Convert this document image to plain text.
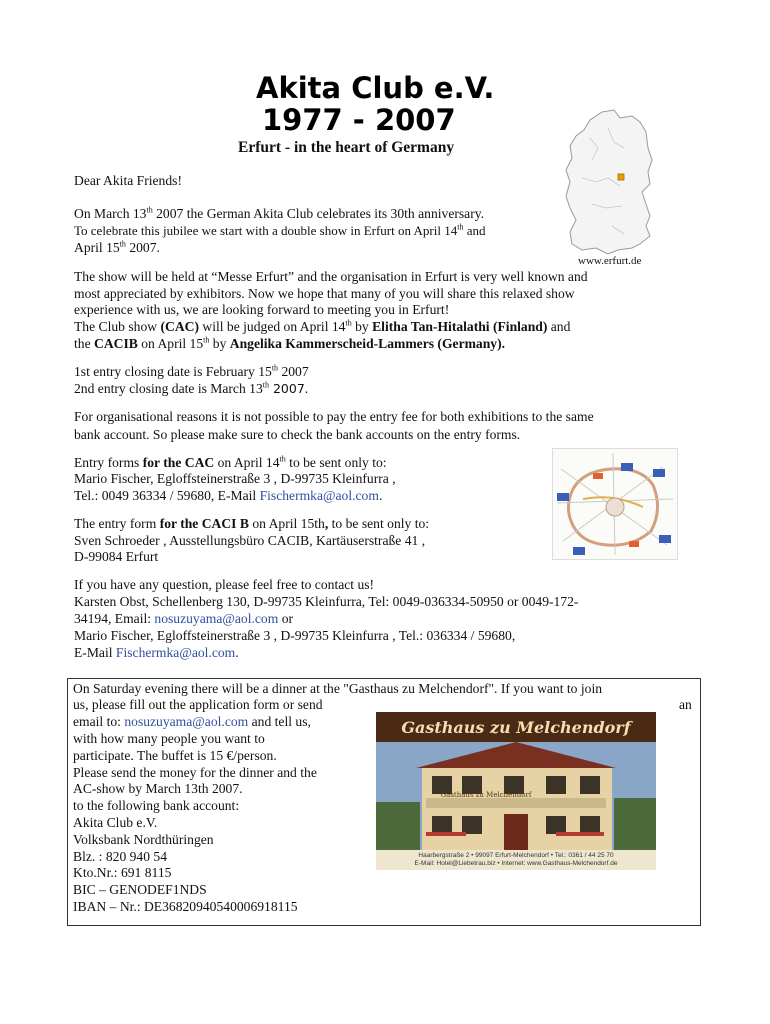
Akita Club e.V.
1977 - 2007
Erfurt - in the heart of Germany
www.erfurt.de
Dear Akita Friends!
On March 13th 2007 the German Akita Club celebrates its 30th anniversary.
To celebrate this jubilee we start with a double show in Erfurt on April 14th and
April 15th 2007.
The show will be held at “Messe Erfurt” and the organisation in Erfurt is very well known and
most appreciated by exhibitors. Now we hope that many of you will share this relaxed show
experience with us, we are looking forward to meeting you in Erfurt!
The Club show (CAC) will be judged on April 14th by Elitha Tan-Hitalathi (Finland) and
the CACIB on April 15th by Angelika Kammerscheid-Lammers (Germany).
1st entry closing date is February 15th 2007
2nd entry closing date is March 13th 2007.
For organisational reasons it is not possible to pay the entry fee for both exhibitions to the same
bank account. So please make sure to check the bank accounts on the entry forms.
Entry forms for the CAC on April 14th to be sent only to:
Mario Fischer, Egloffsteinerstraße 3 , D-99735 Kleinfurra ,
Tel.: 0049 36334 / 59680, E-Mail Fischermka@aol.com.
The entry form for the CACI B on April 15th, to be sent only to:
Sven Schroeder , Ausstellungsbüro CACIB, Kartäuserstraße 41 ,
D-99084 Erfurt
If you have any question, please feel free to contact us!
Karsten Obst, Schellenberg 130, D-99735 Kleinfurra, Tel: 0049-036334-50950 or 0049-172-
34194, Email: nosuzuyama@aol.com or
Mario Fischer, Egloffsteinerstraße 3 , D-99735 Kleinfurra , Tel.: 036334 / 59680,
E-Mail Fischermka@aol.com.
On Saturday evening there will be a dinner at the "Gasthaus zu Melchendorf". If you want to join
us, please fill out the application form or send	an
email to: nosuzuyama@aol.com and tell us,
with how many people you want to
participate. The buffet is 15 €/person.
Please send the money for the dinner and the
AC-show by March 13th 2007.
to the following bank account:
Akita Club e.V.
Volksbank Nordthüringen
Blz. : 820 940 54
Kto.Nr.: 691 8115
BIC – GENODEF1NDS
IBAN – Nr.: DE36820940540006918115
Gasthaus zu Melchendorf
Gasthaus zu Melchendorf
Haarbergstraße 2 • 99097 Erfurt-Melchendorf • Tel.: 0361 / 44 25 70
E-Mail: Hotel@Liebetrau.biz • Internet: www.Gasthaus-Melchendorf.de
